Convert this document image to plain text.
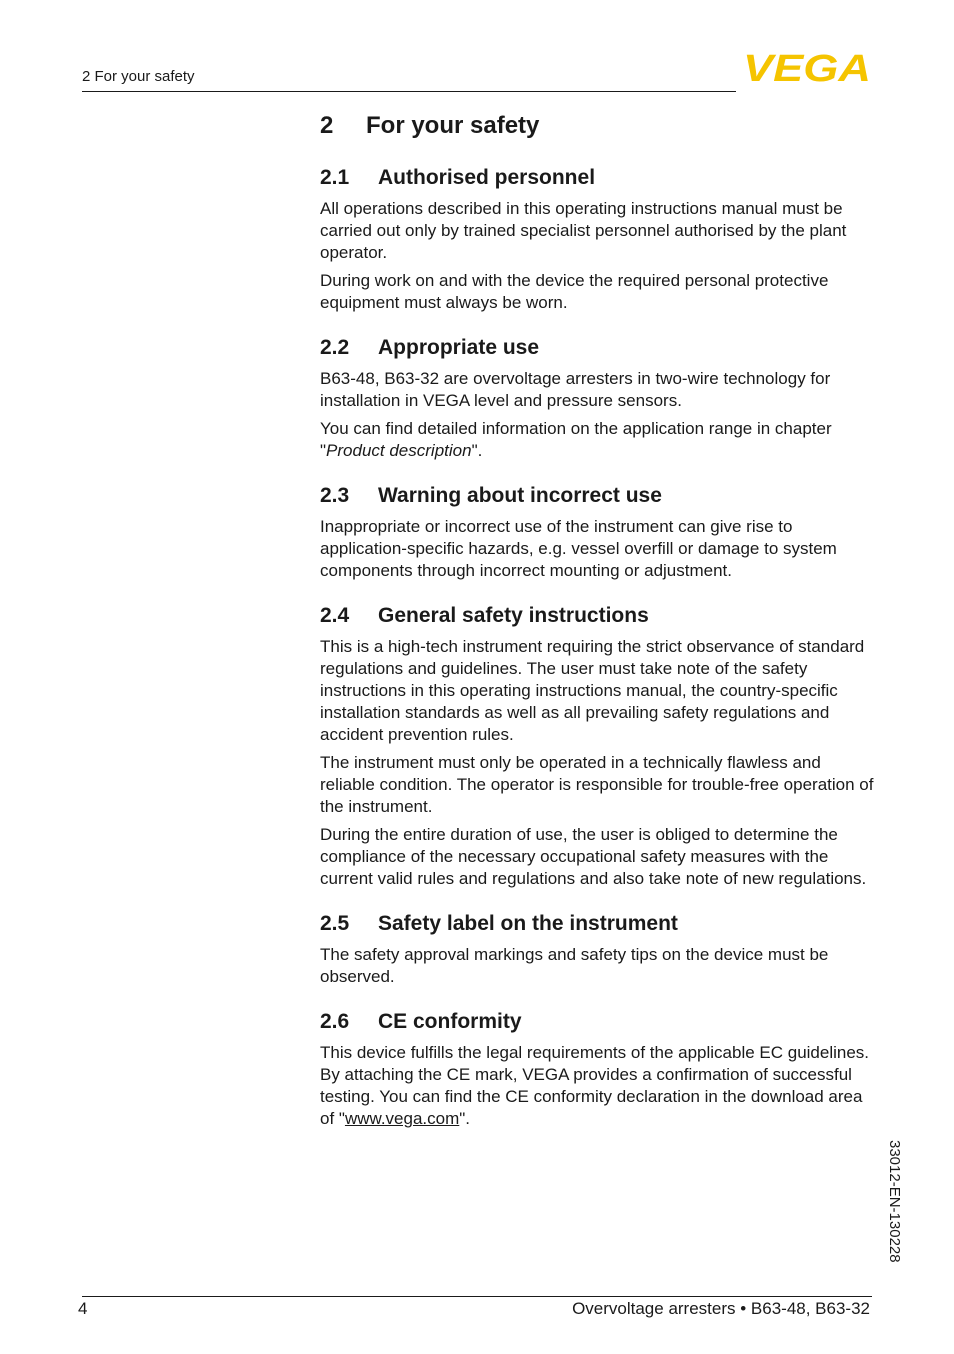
2 For your safety	VEGA
2	For your safety
2.1	Authorised personnel

All operations described in this operating instructions manual must be carried out only by trained specialist personnel authorised by the plant operator.

During work on and with the device the required personal protective equipment must always be worn.

2.2	Appropriate use

B63-48, B63-32 are overvoltage arresters in two-wire technology for installation in VEGA level and pressure sensors.

You can find detailed information on the application range in chapter "Product description".

2.3	Warning about incorrect use

Inappropriate or incorrect use of the instrument can give rise to application-specific hazards, e.g. vessel overfill or damage to system components through incorrect mounting or adjustment.

2.4	General safety instructions

This is a high-tech instrument requiring the strict observance of standard regulations and guidelines. The user must take note of the safety instructions in this operating instructions manual, the country-specific installation standards as well as all prevailing safety regulations and accident prevention rules.

The instrument must only be operated in a technically flawless and reliable condition. The operator is responsible for trouble-free operation of the instrument.

During the entire duration of use, the user is obliged to determine the compliance of the necessary occupational safety measures with the current valid rules and regulations and also take note of new regulations.

2.5	Safety label on the instrument

The safety approval markings and safety tips on the device must be observed.

2.6	CE conformity

This device fulfills the legal requirements of the applicable EC guidelines. By attaching the CE mark, VEGA provides a confirmation of successful testing. You can find the CE conformity declaration in the download area of "www.vega.com".

33012-EN-130228
4	Overvoltage arresters • B63-48, B63-32
